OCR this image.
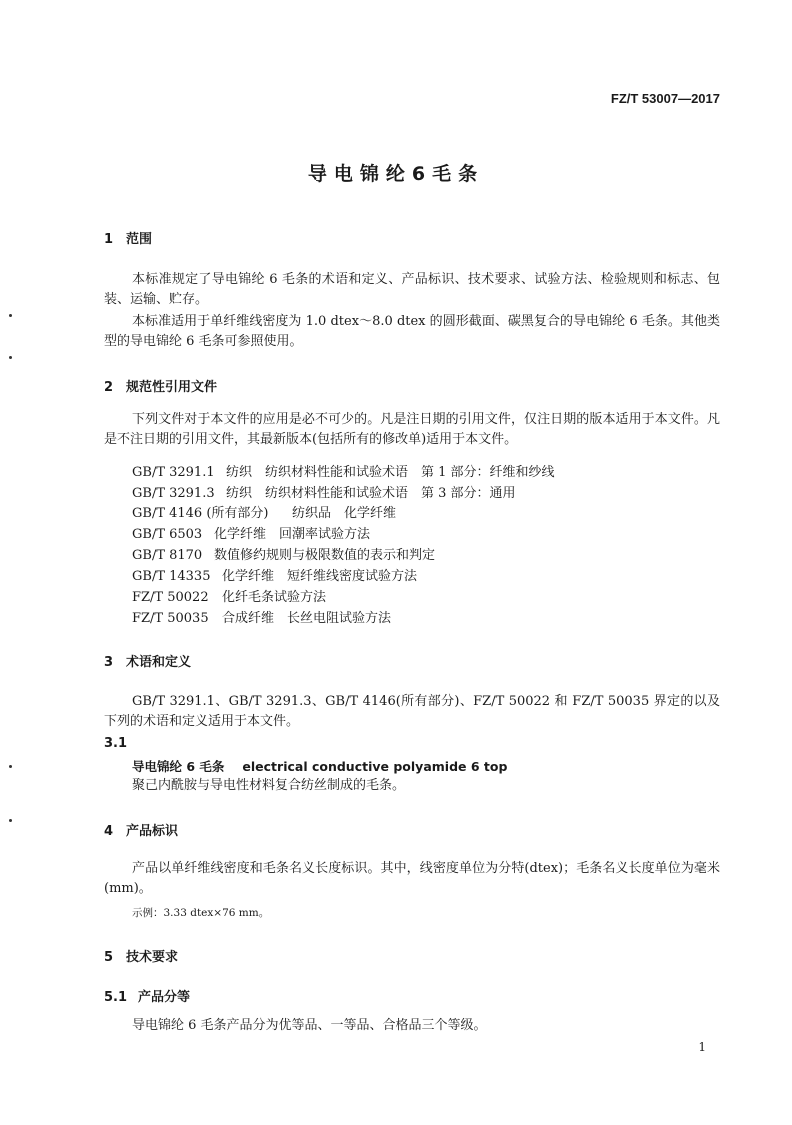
FZ/T 53007—2017
导电锦纶6毛条
1 范围
本标准规定了导电锦纶 6 毛条的术语和定义、产品标识、技术要求、试验方法、检验规则和标志、包装、运输、贮存。
本标准适用于单纤维线密度为 1.0 dtex～8.0 dtex 的圆形截面、碳黑复合的导电锦纶 6 毛条。其他类型的导电锦纶 6 毛条可参照使用。
2 规范性引用文件
下列文件对于本文件的应用是必不可少的。凡是注日期的引用文件，仅注日期的版本适用于本文件。凡是不注日期的引用文件，其最新版本(包括所有的修改单)适用于本文件。
GB/T 3291.1 纺织　纺织材料性能和试验术语　第 1 部分：纤维和纱线
GB/T 3291.3 纺织　纺织材料性能和试验术语　第 3 部分：通用
GB/T 4146 (所有部分) 纺织品　化学纤维
GB/T 6503 化学纤维　回潮率试验方法
GB/T 8170 数值修约规则与极限数值的表示和判定
GB/T 14335 化学纤维　短纤维线密度试验方法
FZ/T 50022 化纤毛条试验方法
FZ/T 50035 合成纤维　长丝电阻试验方法
3 术语和定义
GB/T 3291.1、GB/T 3291.3、GB/T 4146(所有部分)、FZ/T 50022 和 FZ/T 50035 界定的以及下列的术语和定义适用于本文件。
3.1
导电锦纶 6 毛条 electrical conductive polyamide 6 top
聚己内酰胺与导电性材料复合纺丝制成的毛条。
4 产品标识
产品以单纤维线密度和毛条名义长度标识。其中，线密度单位为分特(dtex)；毛条名义长度单位为毫米(mm)。
示例：3.33 dtex×76 mm。
5 技术要求
5.1 产品分等
导电锦纶 6 毛条产品分为优等品、一等品、合格品三个等级。
1
